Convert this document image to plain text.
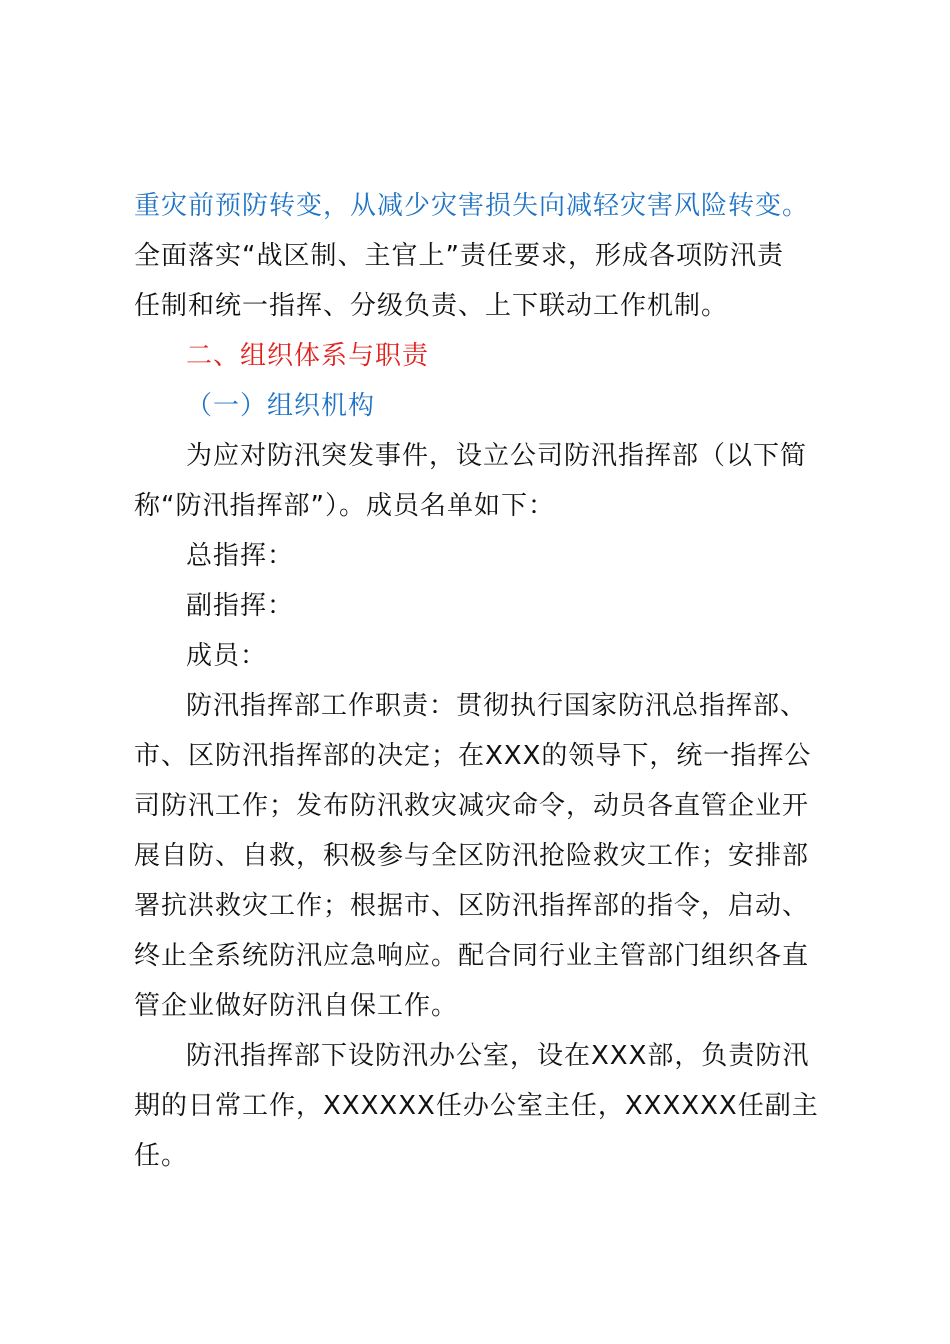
重灾前预防转变，从减少灾害损失向减轻灾害风险转变。
全面落实“战区制、主官上”责任要求，形成各项防汛责
任制和统一指挥、分级负责、上下联动工作机制。
二、组织体系与职责
（一）组织机构
为应对防汛突发事件，设立公司防汛指挥部（以下简
称“防汛指挥部”）。成员名单如下：
总指挥：
副指挥：
成员：
防汛指挥部工作职责：贯彻执行国家防汛总指挥部、
市、区防汛指挥部的决定；在XXX的领导下，统一指挥公
司防汛工作；发布防汛救灾减灾命令，动员各直管企业开
展自防、自救，积极参与全区防汛抢险救灾工作；安排部
署抗洪救灾工作；根据市、区防汛指挥部的指令，启动、
终止全系统防汛应急响应。配合同行业主管部门组织各直
管企业做好防汛自保工作。
防汛指挥部下设防汛办公室，设在XXX部，负责防汛
期的日常工作，XXXXXX任办公室主任，XXXXXX任副主
任。
